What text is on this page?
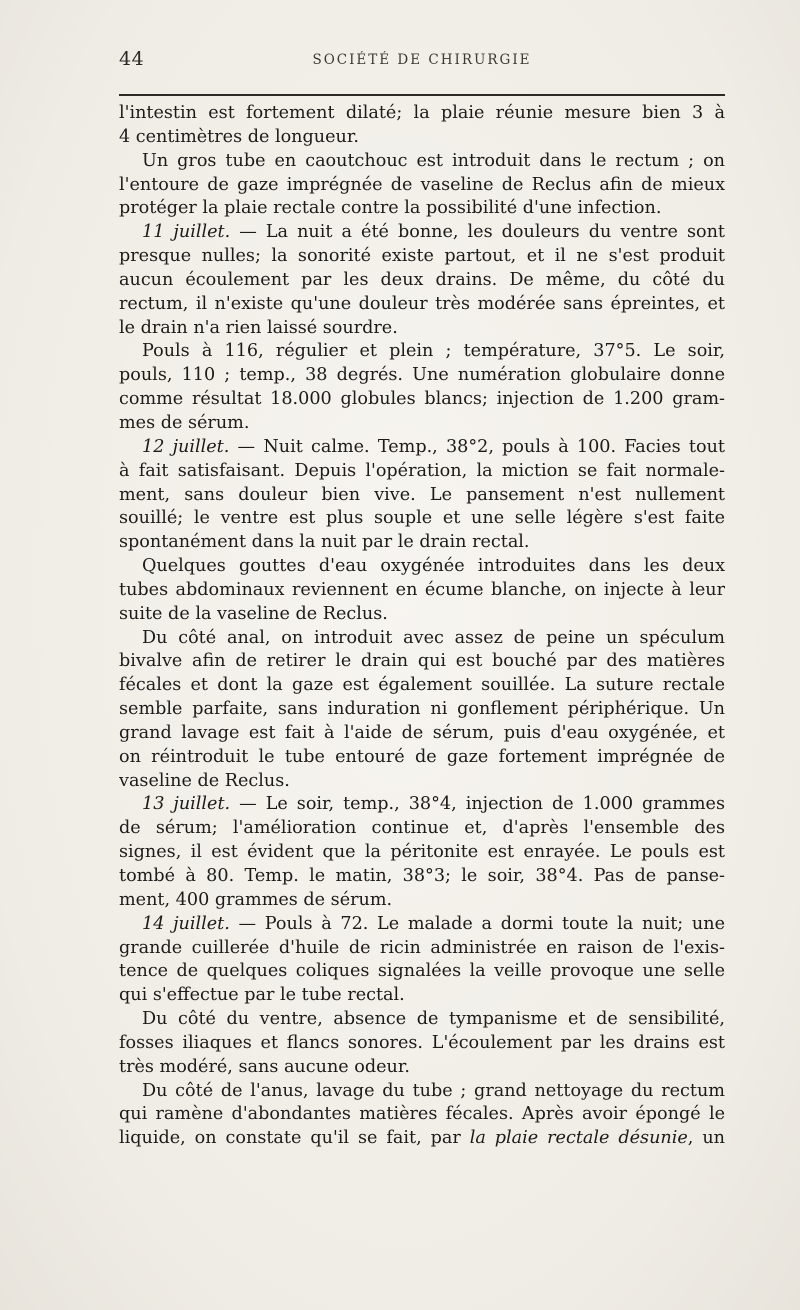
44	SOCIÉTÉ DE CHIRURGIE
l'intestin est fortement dilaté; la plaie réunie mesure bien 3 à
4 centimètres de longueur.
Un gros tube en caoutchouc est introduit dans le rectum ; on
l'entoure de gaze imprégnée de vaseline de Reclus afin de mieux
protéger la plaie rectale contre la possibilité d'une infection.
11 juillet. — La nuit a été bonne, les douleurs du ventre sont
presque nulles; la sonorité existe partout, et il ne s'est produit
aucun écoulement par les deux drains. De même, du côté du
rectum, il n'existe qu'une douleur très modérée sans épreintes, et
le drain n'a rien laissé sourdre.
Pouls à 116, régulier et plein ; température, 37°5. Le soir,
pouls, 110 ; temp., 38 degrés. Une numération globulaire donne
comme résultat 18.000 globules blancs; injection de 1.200 gram-
mes de sérum.
12 juillet. — Nuit calme. Temp., 38°2, pouls à 100. Facies tout
à fait satisfaisant. Depuis l'opération, la miction se fait normale-
ment, sans douleur bien vive. Le pansement n'est nullement
souillé; le ventre est plus souple et une selle légère s'est faite
spontanément dans la nuit par le drain rectal.
Quelques gouttes d'eau oxygénée introduites dans les deux
tubes abdominaux reviennent en écume blanche, on injecte à leur
suite de la vaseline de Reclus.
Du côté anal, on introduit avec assez de peine un spéculum
bivalve afin de retirer le drain qui est bouché par des matières
fécales et dont la gaze est également souillée. La suture rectale
semble parfaite, sans induration ni gonflement périphérique. Un
grand lavage est fait à l'aide de sérum, puis d'eau oxygénée, et
on réintroduit le tube entouré de gaze fortement imprégnée de
vaseline de Reclus.
13 juillet. — Le soir, temp., 38°4, injection de 1.000 grammes
de sérum; l'amélioration continue et, d'après l'ensemble des
signes, il est évident que la péritonite est enrayée. Le pouls est
tombé à 80. Temp. le matin, 38°3; le soir, 38°4. Pas de panse-
ment, 400 grammes de sérum.
14 juillet. — Pouls à 72. Le malade a dormi toute la nuit; une
grande cuillerée d'huile de ricin administrée en raison de l'exis-
tence de quelques coliques signalées la veille provoque une selle
qui s'effectue par le tube rectal.
Du côté du ventre, absence de tympanisme et de sensibilité,
fosses iliaques et flancs sonores. L'écoulement par les drains est
très modéré, sans aucune odeur.
Du côté de l'anus, lavage du tube ; grand nettoyage du rectum
qui ramène d'abondantes matières fécales. Après avoir épongé le
liquide, on constate qu'il se fait, par la plaie rectale désunie, un
